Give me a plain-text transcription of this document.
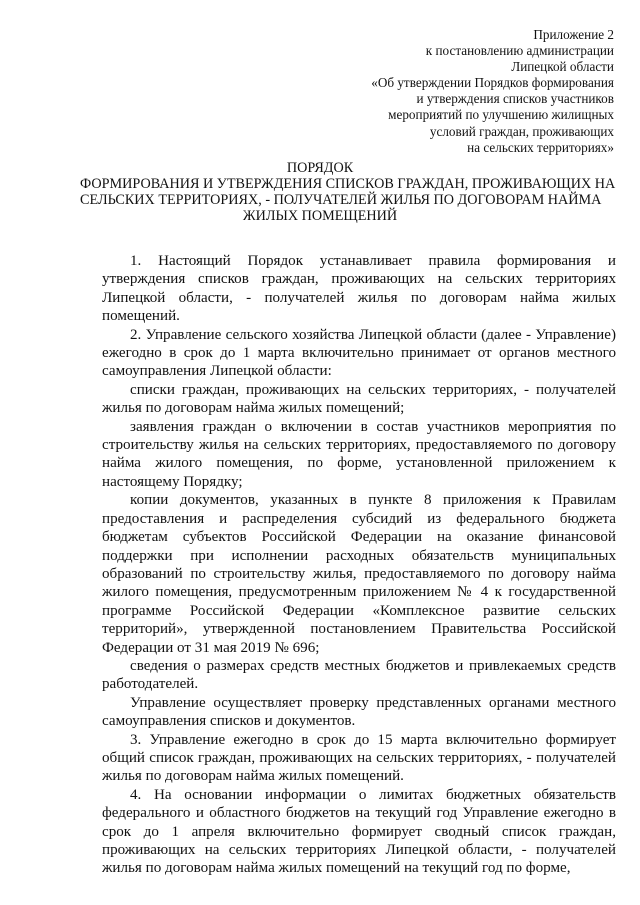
Приложение 2
к постановлению администрации
Липецкой области
«Об утверждении Порядков формирования
и утверждения списков участников
мероприятий по улучшению жилищных
условий граждан, проживающих
на сельских территориях»
ПОРЯДОК
ФОРМИРОВАНИЯ И УТВЕРЖДЕНИЯ СПИСКОВ ГРАЖДАН, ПРОЖИВАЮЩИХ НА
СЕЛЬСКИХ ТЕРРИТОРИЯХ, - ПОЛУЧАТЕЛЕЙ ЖИЛЬЯ ПО ДОГОВОРАМ НАЙМА
ЖИЛЫХ ПОМЕЩЕНИЙ

1. Настоящий Порядок устанавливает правила формирования и утверждения списков граждан, проживающих на сельских территориях Липецкой области, - получателей жилья по договорам найма жилых помещений.

2. Управление сельского хозяйства Липецкой области (далее - Управление) ежегодно в срок до 1 марта включительно принимает от органов местного самоуправления Липецкой области:

списки граждан, проживающих на сельских территориях, - получателей жилья по договорам найма жилых помещений;

заявления граждан о включении в состав участников мероприятия по строительству жилья на сельских территориях, предоставляемого по договору найма жилого помещения, по форме, установленной приложением к настоящему Порядку;

копии документов, указанных в пункте 8 приложения к Правилам предоставления и распределения субсидий из федерального бюджета бюджетам субъектов Российской Федерации на оказание финансовой поддержки при исполнении расходных обязательств муниципальных образований по строительству жилья, предоставляемого по договору найма жилого помещения, предусмотренным приложением № 4 к государственной программе Российской Федерации «Комплексное развитие сельских территорий», утвержденной постановлением Правительства Российской Федерации от 31 мая 2019 № 696;

сведения о размерах средств местных бюджетов и привлекаемых средств работодателей.

Управление осуществляет проверку представленных органами местного самоуправления списков и документов.

3. Управление ежегодно в срок до 15 марта включительно формирует общий список граждан, проживающих на сельских территориях, - получателей жилья по договорам найма жилых помещений.

4. На основании информации о лимитах бюджетных обязательств федерального и областного бюджетов на текущий год Управление ежегодно в срок до 1 апреля включительно формирует сводный список граждан, проживающих на сельских территориях Липецкой области, - получателей жилья по договорам найма жилых помещений на текущий год по форме,
